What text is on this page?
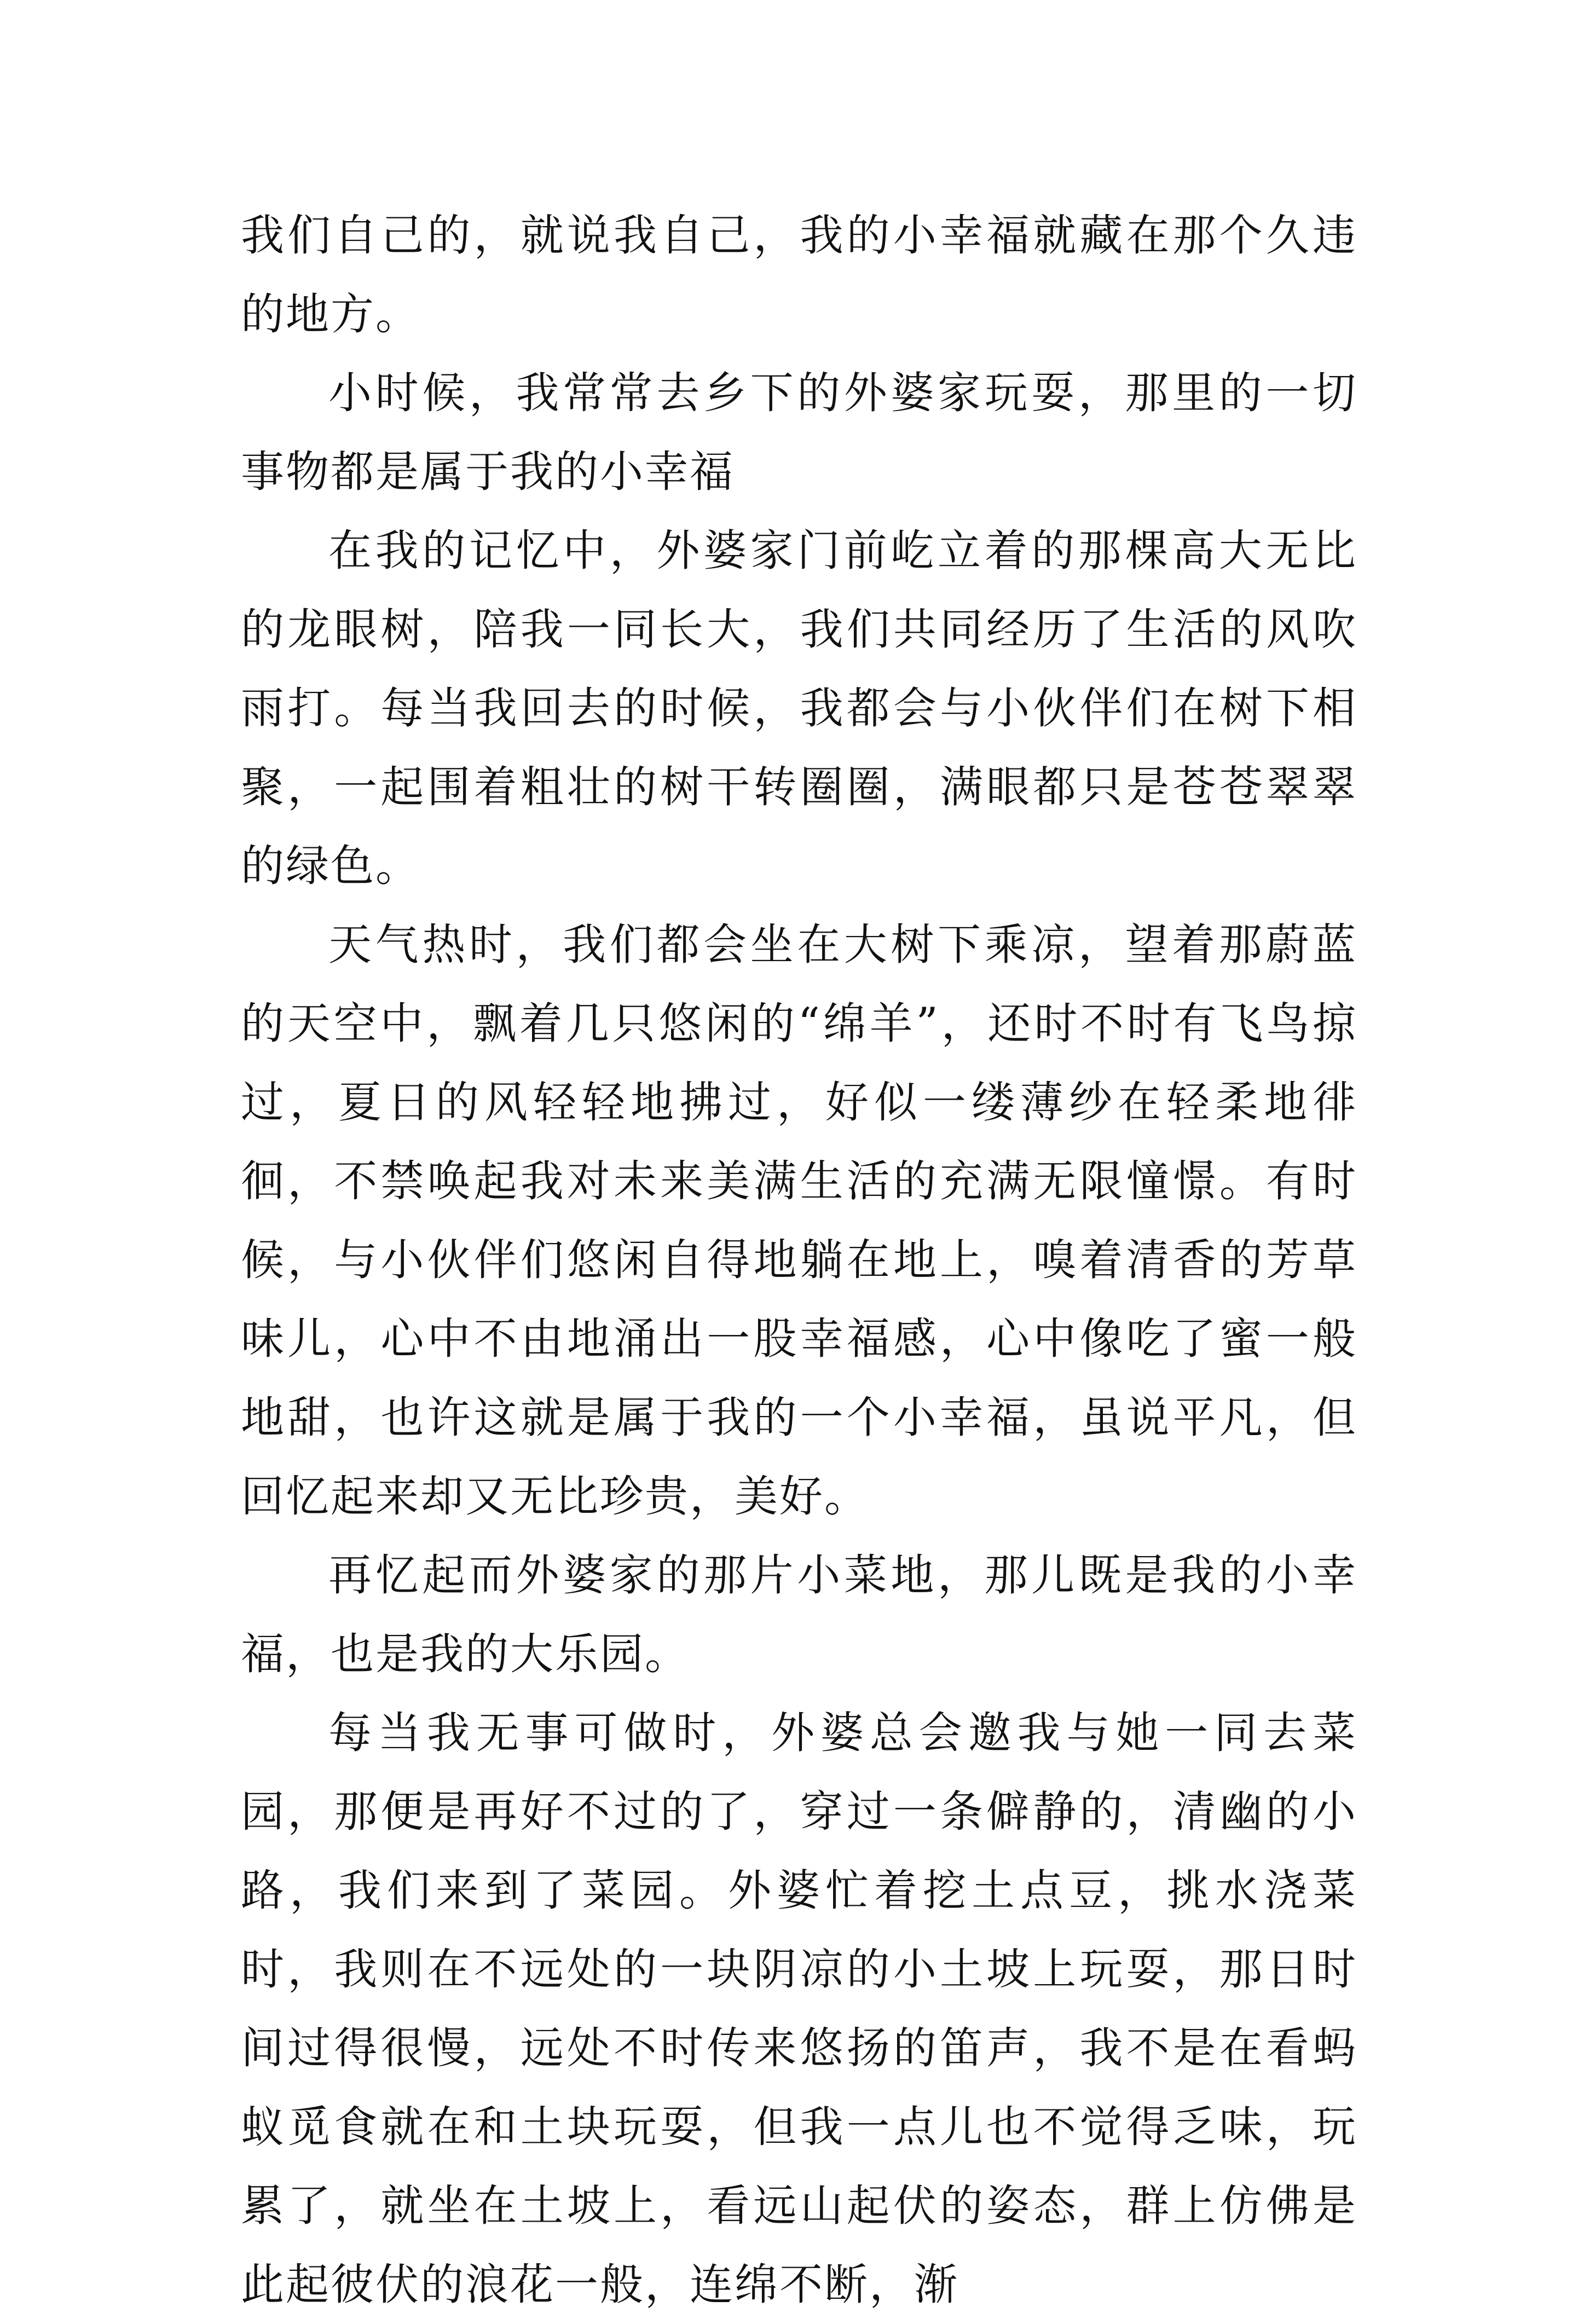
我们自己的，就说我自己，我的小幸福就藏在那个久违的地方。

小时候，我常常去乡下的外婆家玩耍，那里的一切事物都是属于我的小幸福

在我的记忆中，外婆家门前屹立着的那棵高大无比的龙眼树，陪我一同长大，我们共同经历了生活的风吹雨打。每当我回去的时候，我都会与小伙伴们在树下相聚，一起围着粗壮的树干转圈圈，满眼都只是苍苍翠翠的绿色。

天气热时，我们都会坐在大树下乘凉，望着那蔚蓝的天空中，飘着几只悠闲的“绵羊”，还时不时有飞鸟掠过，夏日的风轻轻地拂过，好似一缕薄纱在轻柔地徘徊，不禁唤起我对未来美满生活的充满无限憧憬。有时候，与小伙伴们悠闲自得地躺在地上，嗅着清香的芳草味儿，心中不由地涌出一股幸福感，心中像吃了蜜一般地甜，也许这就是属于我的一个小幸福，虽说平凡，但回忆起来却又无比珍贵，美好。

再忆起而外婆家的那片小菜地，那儿既是我的小幸福，也是我的大乐园。

每当我无事可做时，外婆总会邀我与她一同去菜园，那便是再好不过的了，穿过一条僻静的，清幽的小路，我们来到了菜园。外婆忙着挖土点豆，挑水浇菜时，我则在不远处的一块阴凉的小土坡上玩耍，那日时间过得很慢，远处不时传来悠扬的笛声，我不是在看蚂蚁觅食就在和土块玩耍，但我一点儿也不觉得乏味，玩累了，就坐在土坡上，看远山起伏的姿态，群上仿佛是此起彼伏的浪花一般，连绵不断，渐
